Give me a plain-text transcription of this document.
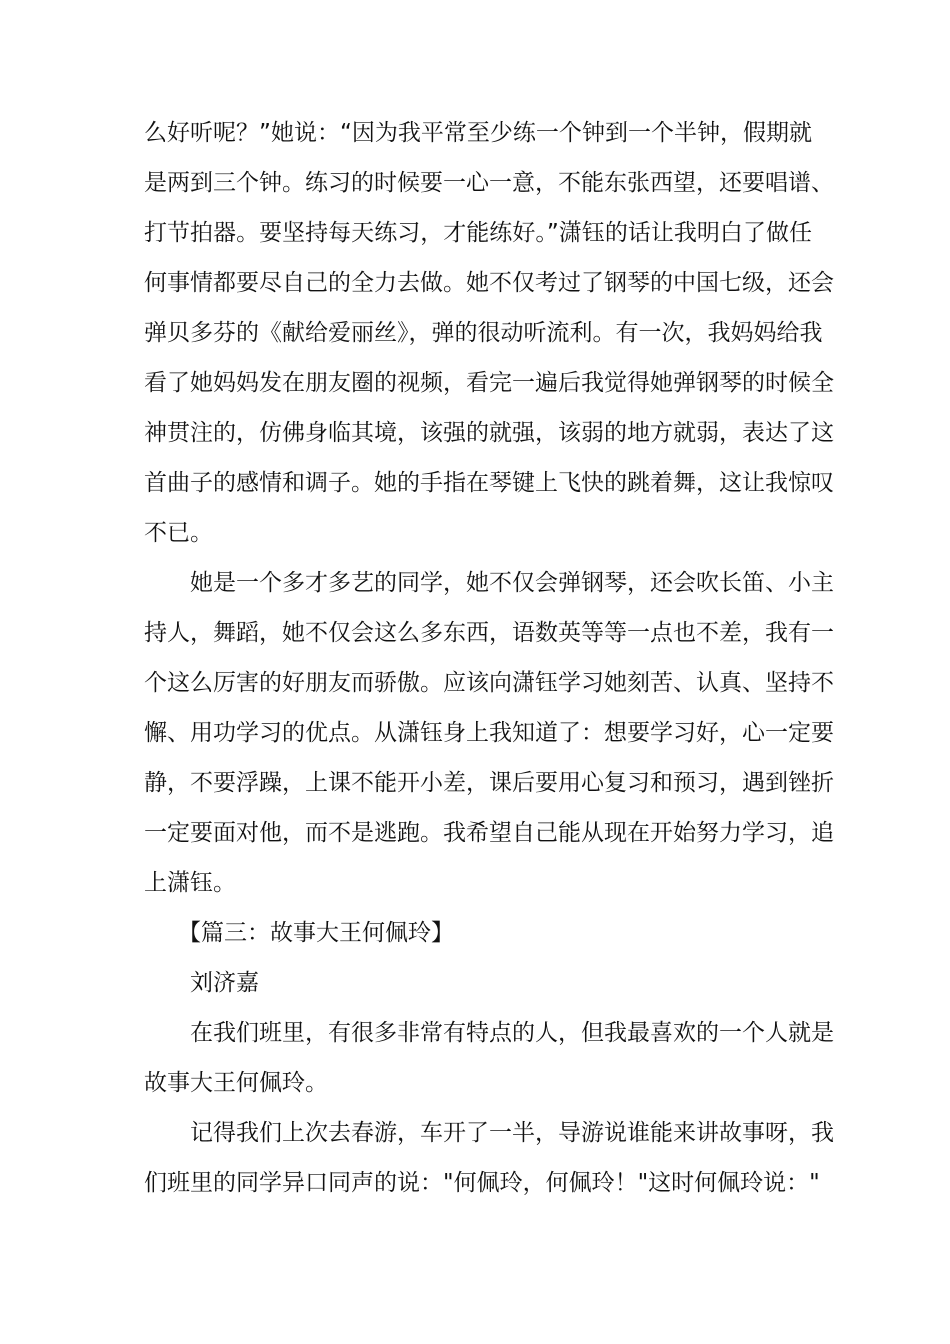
么好听呢？”她说：“因为我平常至少练一个钟到一个半钟，假期就
是两到三个钟。练习的时候要一心一意，不能东张西望，还要唱谱、
打节拍器。要坚持每天练习，才能练好。”潇钰的话让我明白了做任
何事情都要尽自己的全力去做。她不仅考过了钢琴的中国七级，还会
弹贝多芬的《献给爱丽丝》，弹的很动听流利。有一次，我妈妈给我
看了她妈妈发在朋友圈的视频，看完一遍后我觉得她弹钢琴的时候全
神贯注的，仿佛身临其境，该强的就强，该弱的地方就弱，表达了这
首曲子的感情和调子。她的手指在琴键上飞快的跳着舞，这让我惊叹
不已。
她是一个多才多艺的同学，她不仅会弹钢琴，还会吹长笛、小主
持人，舞蹈，她不仅会这么多东西，语数英等等一点也不差，我有一
个这么厉害的好朋友而骄傲。应该向潇钰学习她刻苦、认真、坚持不
懈、用功学习的优点。从潇钰身上我知道了：想要学习好，心一定要
静，不要浮躁，上课不能开小差，课后要用心复习和预习，遇到锉折
一定要面对他，而不是逃跑。我希望自己能从现在开始努力学习，追
上潇钰。
【篇三：故事大王何佩玲】
刘济嘉
在我们班里，有很多非常有特点的人，但我最喜欢的一个人就是
故事大王何佩玲。
记得我们上次去春游，车开了一半，导游说谁能来讲故事呀，我
们班里的同学异口同声的说："何佩玲，何佩玲！"这时何佩玲说："
